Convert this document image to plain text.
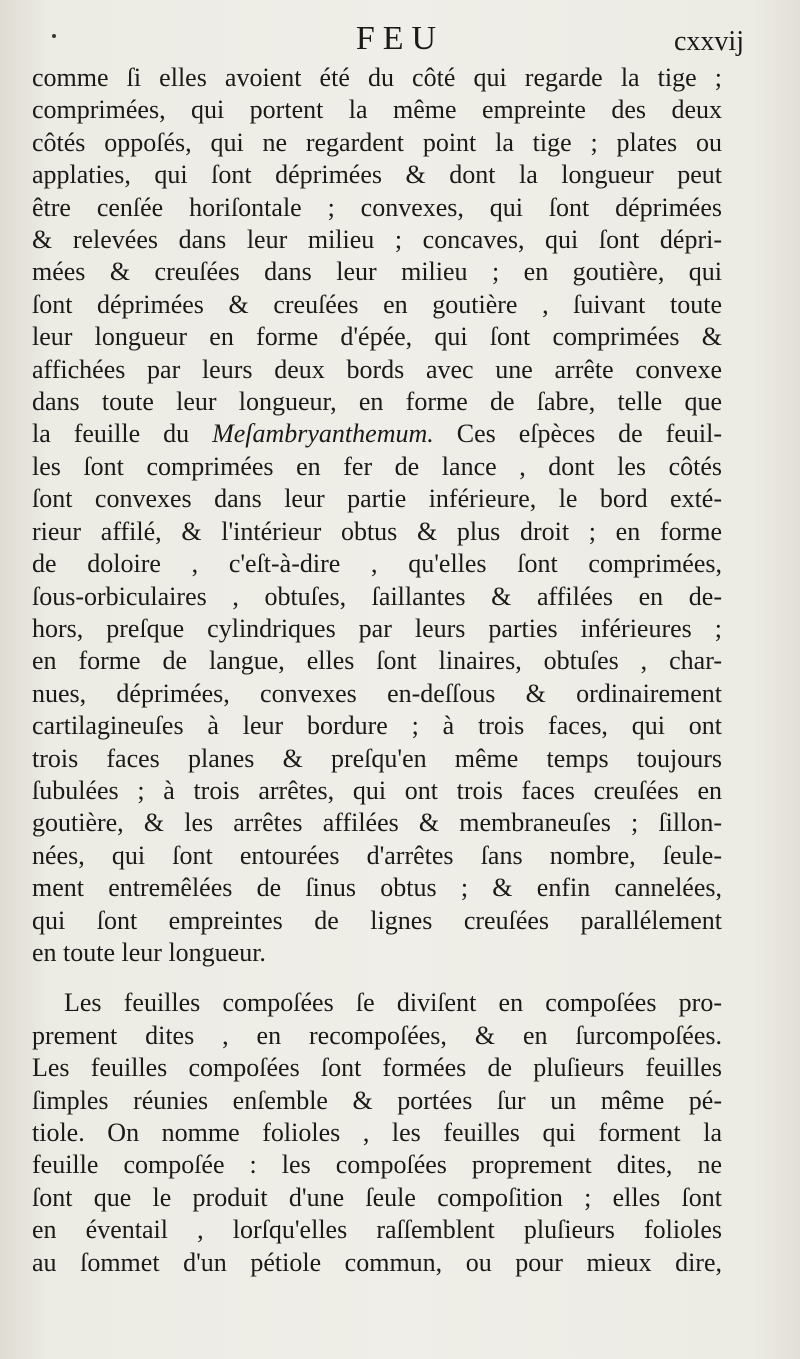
FEU	cxxvij
comme ſi elles avoient été du côté qui regarde la tige ;
comprimées, qui portent la même empreinte des deux
côtés oppoſés, qui ne regardent point la tige ; plates ou
applaties, qui ſont déprimées & dont la longueur peut
être cenſée horiſontale ; convexes, qui ſont déprimées
& relevées dans leur milieu ; concaves, qui ſont dépri-
mées & creuſées dans leur milieu ; en goutière, qui
ſont déprimées & creuſées en goutière , ſuivant toute
leur longueur en forme d'épée, qui ſont comprimées &
affichées par leurs deux bords avec une arrête convexe
dans toute leur longueur, en forme de ſabre, telle que
la feuille du Meſambryanthemum. Ces eſpèces de feuil-
les ſont comprimées en fer de lance , dont les côtés
ſont convexes dans leur partie inférieure, le bord exté-
rieur affilé, & l'intérieur obtus & plus droit ; en forme
de doloire , c'eſt-à-dire , qu'elles ſont comprimées,
ſous-orbiculaires , obtuſes, ſaillantes & affilées en de-
hors, preſque cylindriques par leurs parties inférieures ;
en forme de langue, elles ſont linaires, obtuſes , char-
nues, déprimées, convexes en-deſſous & ordinairement
cartilagineuſes à leur bordure ; à trois faces, qui ont
trois faces planes & preſqu'en même temps toujours
ſubulées ; à trois arrêtes, qui ont trois faces creuſées en
goutière, & les arrêtes affilées & membraneuſes ; ſillon-
nées, qui ſont entourées d'arrêtes ſans nombre, ſeule-
ment entremêlées de ſinus obtus ; & enfin cannelées,
qui ſont empreintes de lignes creuſées parallélement
en toute leur longueur.
Les feuilles compoſées ſe diviſent en compoſées pro-
prement dites , en recompoſées, & en ſurcompoſées.
Les feuilles compoſées ſont formées de pluſieurs feuilles
ſimples réunies enſemble & portées ſur un même pé-
tiole. On nomme folioles , les feuilles qui forment la
feuille compoſée : les compoſées proprement dites, ne
ſont que le produit d'une ſeule compoſition ; elles ſont
en éventail , lorſqu'elles raſſemblent pluſieurs folioles
au ſommet d'un pétiole commun, ou pour mieux dire,
